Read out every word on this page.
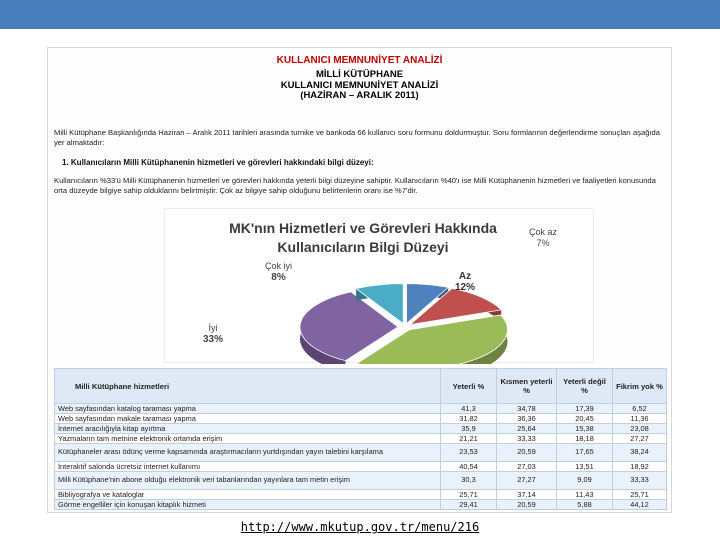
KULLANICI MEMNUNİYET ANALİZİ
MİLLİ KÜTÜPHANE
KULLANICI MEMNUNİYET ANALİZİ
(HAZİRAN – ARALIK 2011)
Milli Kütüphane Başkanlığında Haziran – Aralık 2011 tarihleri arasında turnike ve bankoda 66 kullanıcı soru formunu doldurmuştur. Soru formlarının değerlendirme sonuçları aşağıda yer almaktadır:
1. Kullanıcıların Milli Kütüphanenin hizmetleri ve görevleri hakkındaki bilgi düzeyi:
Kullanıcıların %33'ü Milli Kütüphanenin hizmetleri ve görevleri hakkında yeterli bilgi düzeyine sahiptir. Kullanıcıların %40'ı ise Milli Kütüphanenin hizmetleri ve faaliyetleri konusunda orta düzeyde bilgiye sahip olduklarını belirtmiştir. Çok az bilgiye sahip olduğunu belirtenlerin oranı ise %7'dir.
MK'nın Hizmetleri ve Görevleri Hakkında
Kullanıcıların Bilgi Düzeyi
Çok az
7%
Az
12%
Çok iyi
8%
İyi
33%
Milli Kütüphane hizmetleri	Yeterli %	Kısmen yeterli %	Yeterli değil %	Fikrim yok %
Web sayfasından katalog taraması yapma	41,3	34,78	17,39	6,52
Web sayfasından makale taraması yapma	31,82	36,36	20,45	11,36
İnternet aracılığıyla kitap ayırtma	35,9	25,64	15,38	23,08
Yazmaların tam metnine elektronik ortamda erişim	21,21	33,33	18,18	27,27
Kütüphaneler arası ödünç verme kapsamında araştırmacıların yurtdışından yayın talebini karşılama	23,53	20,59	17,65	38,24
İnteraktif salonda ücretsiz internet kullanımı	40,54	27,03	13,51	18,92
Milli Kütüphane'nin abone olduğu elektronik veri tabanlarından yayınlara tam metin erişim	30,3	27,27	9,09	33,33
Bibliyografya ve kataloglar	25,71	37,14	11,43	25,71
Görme engelliler için konuşan kitaplık hizmeti	29,41	20,59	5,88	44,12
http://www.mkutup.gov.tr/menu/216
